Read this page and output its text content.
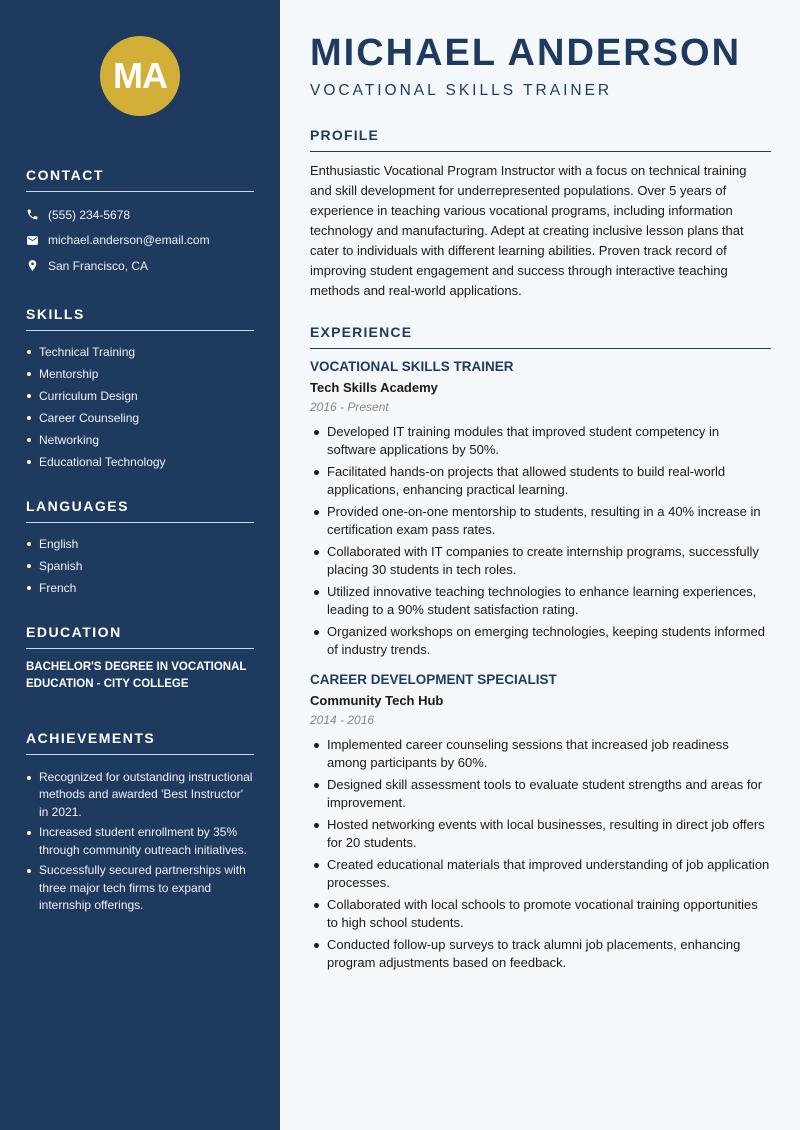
MA
CONTACT
(555) 234-5678
michael.anderson@email.com
San Francisco, CA
SKILLS
Technical Training
Mentorship
Curriculum Design
Career Counseling
Networking
Educational Technology
LANGUAGES
English
Spanish
French
EDUCATION
BACHELOR'S DEGREE IN VOCATIONAL EDUCATION - CITY COLLEGE
ACHIEVEMENTS
Recognized for outstanding instructional methods and awarded 'Best Instructor' in 2021.
Increased student enrollment by 35% through community outreach initiatives.
Successfully secured partnerships with three major tech firms to expand internship offerings.
MICHAEL ANDERSON
VOCATIONAL SKILLS TRAINER
PROFILE
Enthusiastic Vocational Program Instructor with a focus on technical training and skill development for underrepresented populations. Over 5 years of experience in teaching various vocational programs, including information technology and manufacturing. Adept at creating inclusive lesson plans that cater to individuals with different learning abilities. Proven track record of improving student engagement and success through interactive teaching methods and real-world applications.
EXPERIENCE
VOCATIONAL SKILLS TRAINER
Tech Skills Academy
2016 - Present
Developed IT training modules that improved student competency in software applications by 50%.
Facilitated hands-on projects that allowed students to build real-world applications, enhancing practical learning.
Provided one-on-one mentorship to students, resulting in a 40% increase in certification exam pass rates.
Collaborated with IT companies to create internship programs, successfully placing 30 students in tech roles.
Utilized innovative teaching technologies to enhance learning experiences, leading to a 90% student satisfaction rating.
Organized workshops on emerging technologies, keeping students informed of industry trends.
CAREER DEVELOPMENT SPECIALIST
Community Tech Hub
2014 - 2016
Implemented career counseling sessions that increased job readiness among participants by 60%.
Designed skill assessment tools to evaluate student strengths and areas for improvement.
Hosted networking events with local businesses, resulting in direct job offers for 20 students.
Created educational materials that improved understanding of job application processes.
Collaborated with local schools to promote vocational training opportunities to high school students.
Conducted follow-up surveys to track alumni job placements, enhancing program adjustments based on feedback.
